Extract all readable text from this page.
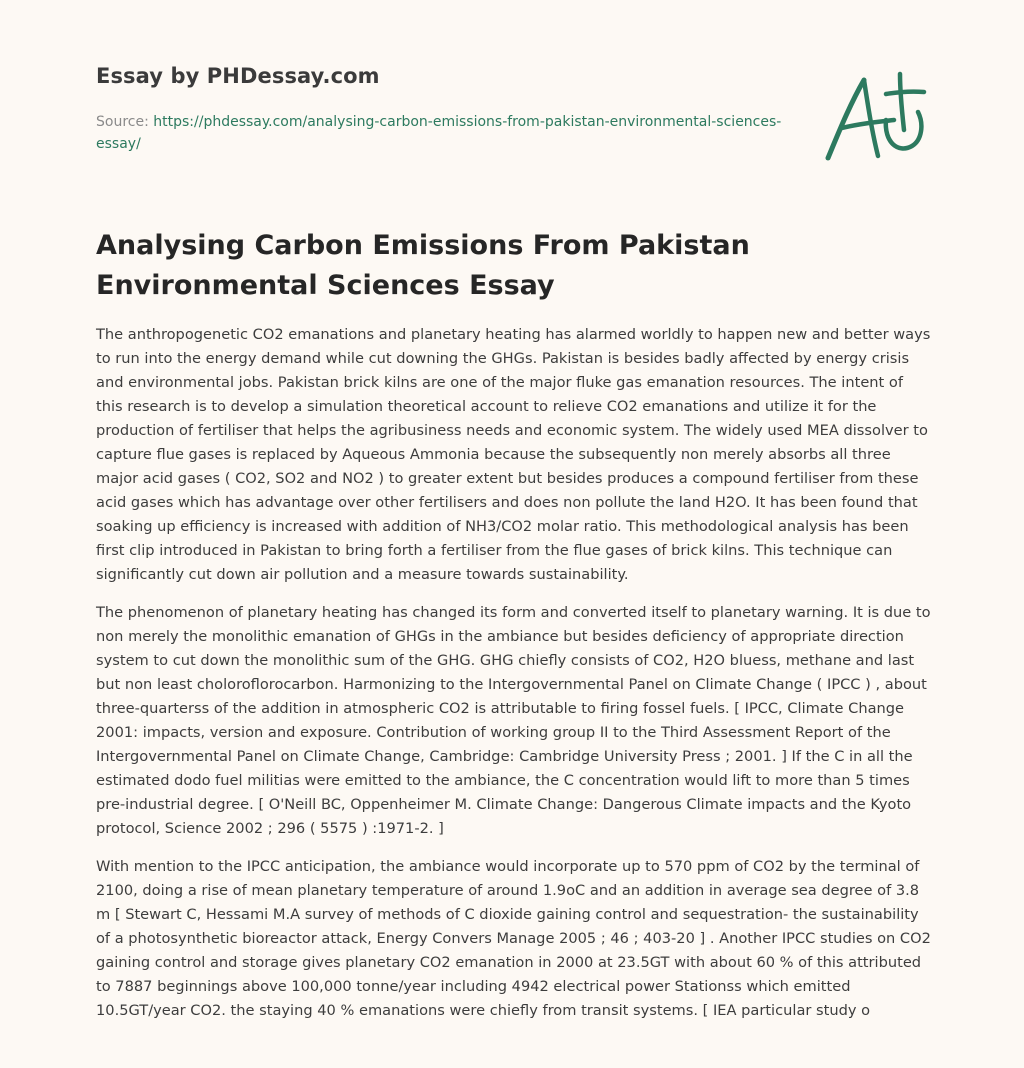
Essay by PHDessay.com
Source: https://phdessay.com/analysing-carbon-emissions-from-pakistan-environmental-sciences-essay/
Analysing Carbon Emissions From Pakistan Environmental Sciences Essay

The anthropogenetic CO2 emanations and planetary heating has alarmed worldly to happen new and better ways to run into the energy demand while cut downing the GHGs. Pakistan is besides badly affected by energy crisis and environmental jobs. Pakistan brick kilns are one of the major fluke gas emanation resources. The intent of this research is to develop a simulation theoretical account to relieve CO2 emanations and utilize it for the production of fertiliser that helps the agribusiness needs and economic system. The widely used MEA dissolver to capture flue gases is replaced by Aqueous Ammonia because the subsequently non merely absorbs all three major acid gases ( CO2, SO2 and NO2 ) to greater extent but besides produces a compound fertiliser from these acid gases which has advantage over other fertilisers and does non pollute the land H2O. It has been found that soaking up efficiency is increased with addition of NH3/CO2 molar ratio. This methodological analysis has been first clip introduced in Pakistan to bring forth a fertiliser from the flue gases of brick kilns. This technique can significantly cut down air pollution and a measure towards sustainability.

The phenomenon of planetary heating has changed its form and converted itself to planetary warning. It is due to non merely the monolithic emanation of GHGs in the ambiance but besides deficiency of appropriate direction system to cut down the monolithic sum of the GHG. GHG chiefly consists of CO2, H2O bluess, methane and last but non least choloroflorocarbon. Harmonizing to the Intergovernmental Panel on Climate Change ( IPCC ) , about three-quarterss of the addition in atmospheric CO2 is attributable to firing fossel fuels. [ IPCC, Climate Change 2001: impacts, version and exposure. Contribution of working group II to the Third Assessment Report of the Intergovernmental Panel on Climate Change, Cambridge: Cambridge University Press ; 2001. ] If the C in all the estimated dodo fuel militias were emitted to the ambiance, the C concentration would lift to more than 5 times pre-industrial degree. [ O'Neill BC, Oppenheimer M. Climate Change: Dangerous Climate impacts and the Kyoto protocol, Science 2002 ; 296 ( 5575 ) :1971-2. ]

With mention to the IPCC anticipation, the ambiance would incorporate up to 570 ppm of CO2 by the terminal of 2100, doing a rise of mean planetary temperature of around 1.9oC and an addition in average sea degree of 3.8 m [ Stewart C, Hessami M.A survey of methods of C dioxide gaining control and sequestration- the sustainability of a photosynthetic bioreactor attack, Energy Convers Manage 2005 ; 46 ; 403-20 ] . Another IPCC studies on CO2 gaining control and storage gives planetary CO2 emanation in 2000 at 23.5GT with about 60 % of this attributed to 7887 beginnings above 100,000 tonne/year including 4942 electrical power Stationss which emitted 10.5GT/year CO2. the staying 40 % emanations were chiefly from transit systems. [ IEA particular study o
